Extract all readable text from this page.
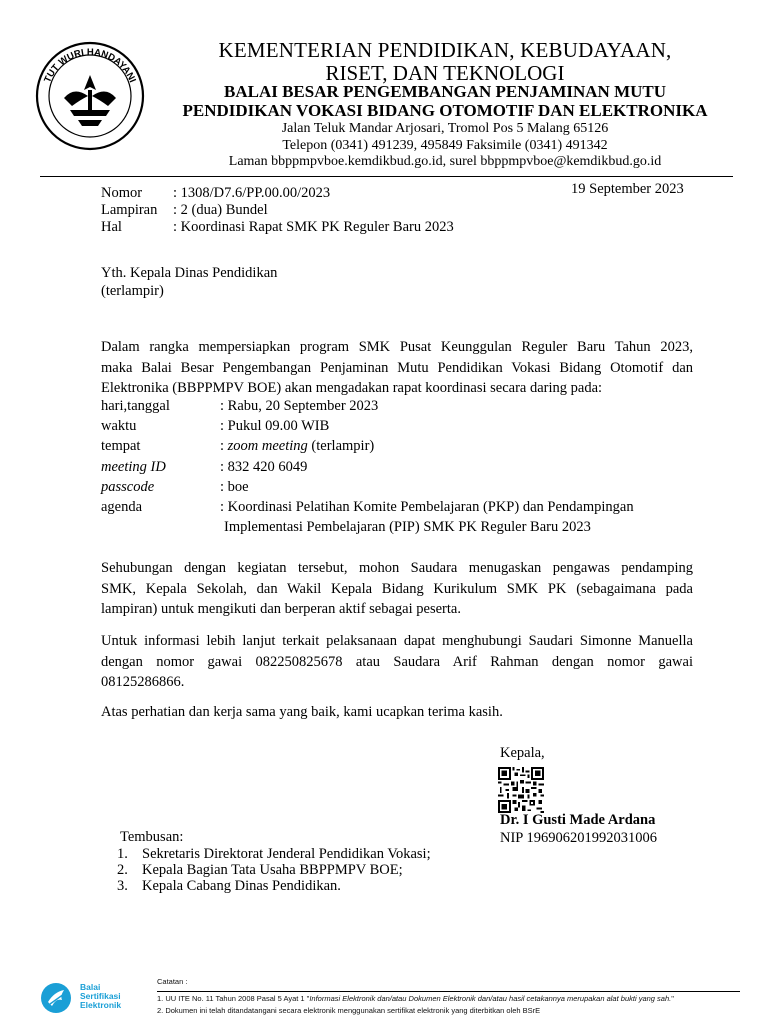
TUT WURI HANDAYANI
KEMENTERIAN PENDIDIKAN, KEBUDAYAAN,
RISET, DAN TEKNOLOGI
BALAI BESAR PENGEMBANGAN PENJAMINAN MUTU
PENDIDIKAN VOKASI BIDANG OTOMOTIF DAN ELEKTRONIKA
Jalan Teluk Mandar Arjosari, Tromol Pos 5 Malang 65126
Telepon (0341) 491239, 495849 Faksimile (0341) 491342
Laman bbppmpvboe.kemdikbud.go.id, surel bbppmpvboe@kemdikbud.go.id
Nomor : 1308/D7.6/PP.00.00/2023
Lampiran : 2 (dua) Bundel
Hal	: Koordinasi Rapat SMK PK Reguler Baru 2023
19 September 2023
Yth. Kepala Dinas Pendidikan
(terlampir)
Dalam rangka mempersiapkan program SMK Pusat Keunggulan Reguler Baru Tahun 2023,
maka Balai Besar Pengembangan Penjaminan Mutu Pendidikan Vokasi Bidang Otomotif dan
Elektronika (BBPPMPV BOE) akan mengadakan rapat koordinasi secara daring pada:
hari,tanggal	: Rabu, 20 September 2023
waktu	: Pukul 09.00 WIB
tempat	: zoom meeting (terlampir)
meeting ID	: 832 420 6049
passcode	: boe
agenda	: Koordinasi Pelatihan Komite Pembelajaran (PKP) dan Pendampingan
Implementasi Pembelajaran (PIP) SMK PK Reguler Baru 2023
Sehubungan dengan kegiatan tersebut, mohon Saudara menugaskan pengawas pendamping
SMK, Kepala Sekolah, dan Wakil Kepala Bidang Kurikulum SMK PK (sebagaimana pada
lampiran) untuk mengikuti dan berperan aktif sebagai peserta.
Untuk informasi lebih lanjut terkait pelaksanaan dapat menghubungi Saudari Simonne Manuella
dengan nomor gawai 082250825678 atau Saudara Arif Rahman dengan nomor gawai
08125286866.
Atas perhatian dan kerja sama yang baik, kami ucapkan terima kasih.
Kepala,
Dr. I Gusti Made Ardana
NIP 196906201992031006
Tembusan:
1. Sekretaris Direktorat Jenderal Pendidikan Vokasi;
2. Kepala Bagian Tata Usaha BBPPMPV BOE;
3. Kepala Cabang Dinas Pendidikan.
Balai
Sertifikasi
Elektronik
Catatan :
1. UU ITE No. 11 Tahun 2008 Pasal 5 Ayat 1 "Informasi Elektronik dan/atau Dokumen Elektronik dan/atau hasil cetakannya merupakan alat bukti yang sah."
2. Dokumen ini telah ditandatangani secara elektronik menggunakan sertifikat elektronik yang diterbitkan oleh BSrE
